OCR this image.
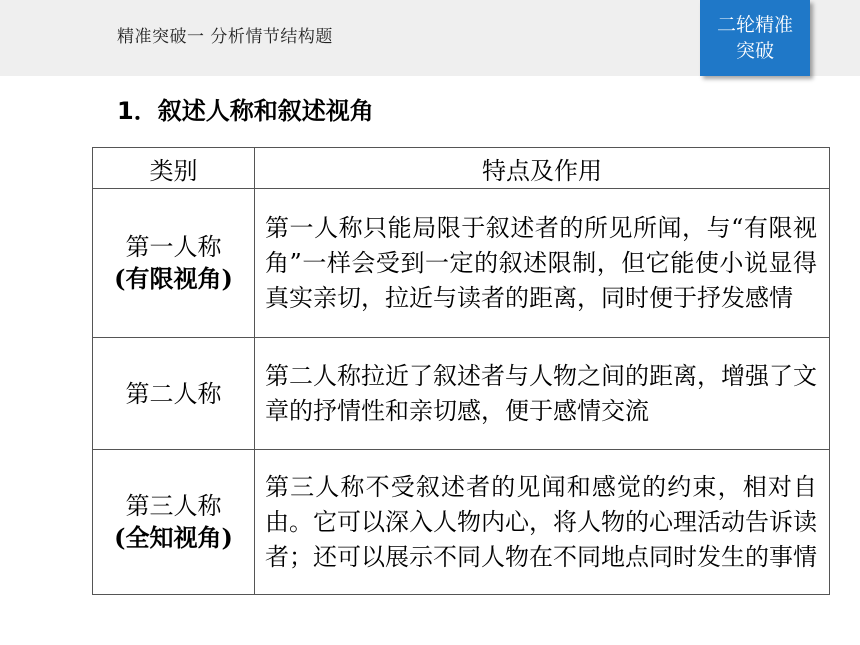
精准突破一 分析情节结构题
二轮精准
突破
1．叙述人称和叙述视角
类别	特点及作用

第一人称
(有限视角)	第一人称只能局限于叙述者的所见所闻，与“有限视角”一样会受到一定的叙述限制，但它能使小说显得真实亲切，拉近与读者的距离，同时便于抒发感情

第二人称	第二人称拉近了叙述者与人物之间的距离，增强了文章的抒情性和亲切感，便于感情交流

第三人称
(全知视角)	第三人称不受叙述者的见闻和感觉的约束，相对自由。它可以深入人物内心，将人物的心理活动告诉读者；还可以展示不同人物在不同地点同时发生的事情
